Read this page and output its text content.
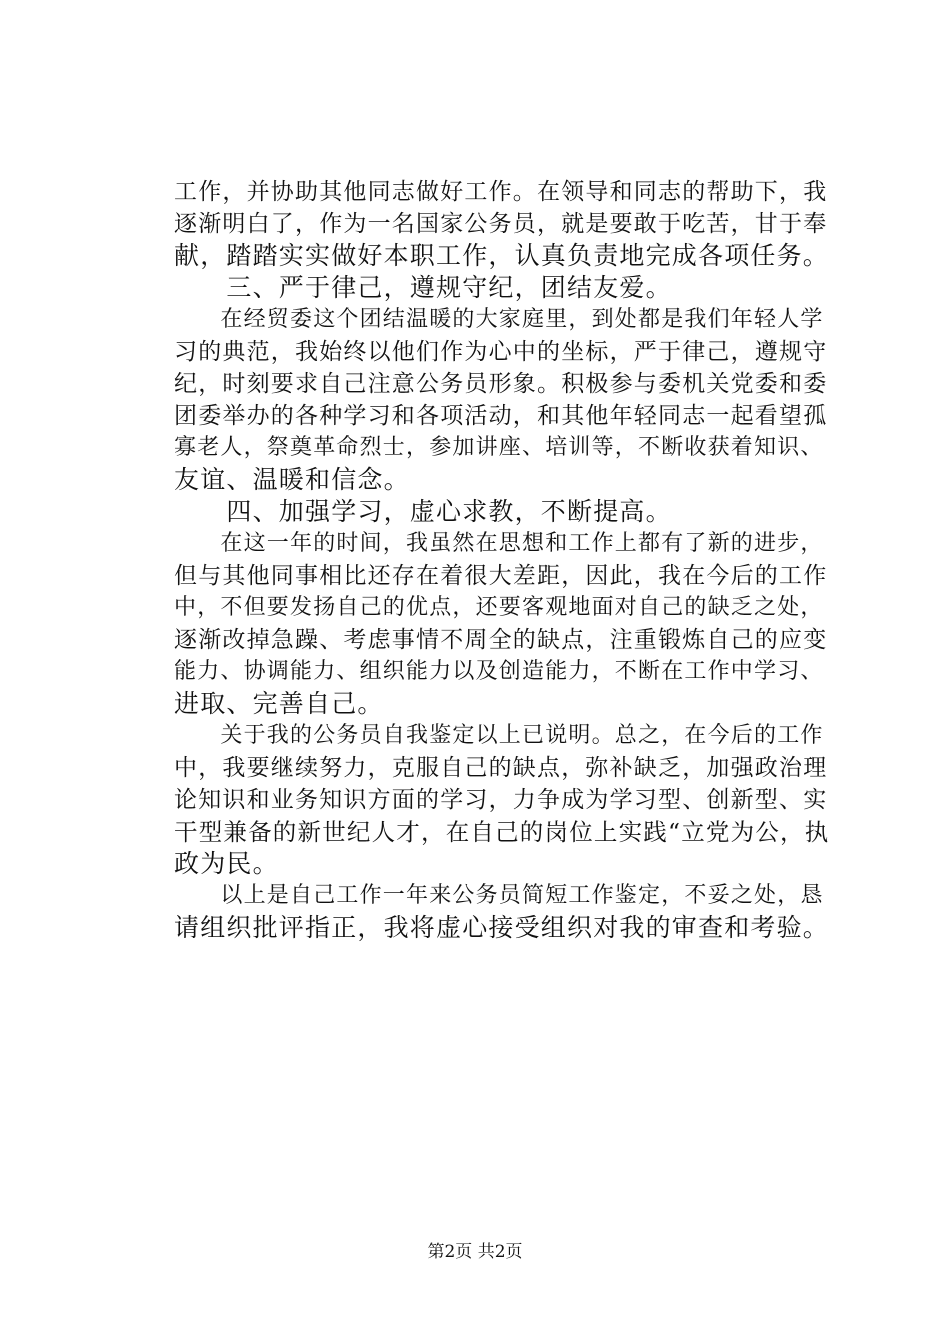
工作，并协助其他同志做好工作。在领导和同志的帮助下，我
逐渐明白了，作为一名国家公务员，就是要敢于吃苦，甘于奉
献，踏踏实实做好本职工作，认真负责地完成各项任务。
　　三、严于律己，遵规守纪，团结友爱。
　　在经贸委这个团结温暖的大家庭里，到处都是我们年轻人学
习的典范，我始终以他们作为心中的坐标，严于律己，遵规守
纪，时刻要求自己注意公务员形象。积极参与委机关党委和委
团委举办的各种学习和各项活动，和其他年轻同志一起看望孤
寡老人，祭奠革命烈士，参加讲座、培训等，不断收获着知识、
友谊、温暖和信念。
　　四、加强学习，虚心求教，不断提高。
　　在这一年的时间，我虽然在思想和工作上都有了新的进步，
但与其他同事相比还存在着很大差距，因此，我在今后的工作
中，不但要发扬自己的优点，还要客观地面对自己的缺乏之处，
逐渐改掉急躁、考虑事情不周全的缺点，注重锻炼自己的应变
能力、协调能力、组织能力以及创造能力，不断在工作中学习、
进取、完善自己。
　　关于我的公务员自我鉴定以上已说明。总之，在今后的工作
中，我要继续努力，克服自己的缺点，弥补缺乏，加强政治理
论知识和业务知识方面的学习，力争成为学习型、创新型、实
干型兼备的新世纪人才，在自己的岗位上实践“立党为公，执
政为民。
　　以上是自己工作一年来公务员简短工作鉴定，不妥之处，恳
请组织批评指正，我将虚心接受组织对我的审查和考验。
第2页 共2页
